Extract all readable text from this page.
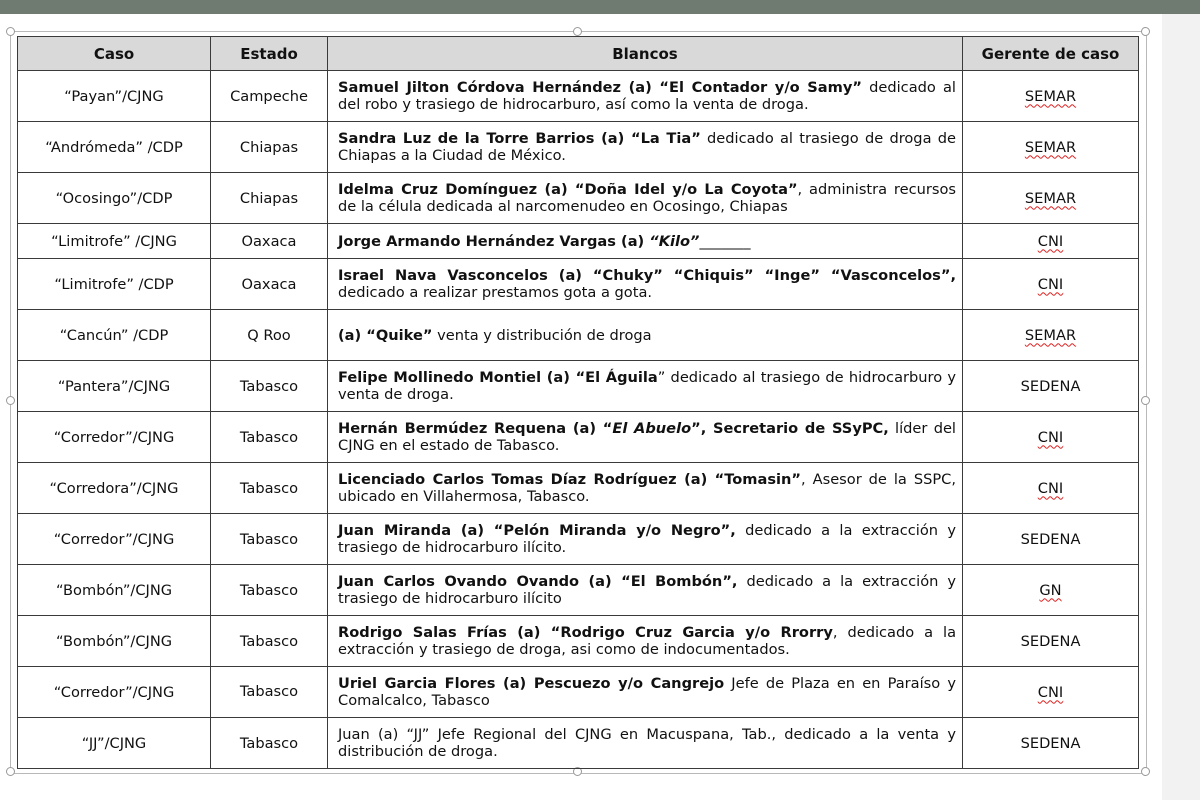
Caso	Estado	Blancos	Gerente de caso
“Payan”/CJNG	Campeche	Samuel Jilton Córdova Hernández (a) “El Contador y/o Samy” dedicado al del robo y trasiego de hidrocarburo, así como la venta de droga.	SEMAR
“Andrómeda” /CDP	Chiapas	Sandra Luz de la Torre Barrios (a) “La Tia” dedicado al trasiego de droga de Chiapas a la Ciudad de México.	SEMAR
“Ocosingo”/CDP	Chiapas	Idelma Cruz Domínguez (a) “Doña Idel y/o La Coyota”, administra recursos de la célula dedicada al narcomenudeo en Ocosingo, Chiapas	SEMAR
“Limitrofe” /CJNG	Oaxaca	Jorge Armando Hernández Vargas (a) “Kilo”_______	CNI
“Limitrofe” /CDP	Oaxaca	Israel Nava Vasconcelos (a) “Chuky” “Chiquis” “Inge” “Vasconcelos”, dedicado a realizar prestamos gota a gota.	CNI
“Cancún” /CDP	Q Roo	(a) “Quike” venta y distribución de droga	SEMAR
“Pantera”/CJNG	Tabasco	Felipe Mollinedo Montiel (a) “El Águila” dedicado al trasiego de hidrocarburo y venta de droga.	SEDENA
“Corredor”/CJNG	Tabasco	Hernán Bermúdez Requena (a) “El Abuelo”, Secretario de SSyPC, líder del CJNG en el estado de Tabasco.	CNI
“Corredora”/CJNG	Tabasco	Licenciado Carlos Tomas Díaz Rodríguez (a) “Tomasin”, Asesor de la SSPC, ubicado en Villahermosa, Tabasco.	CNI
“Corredor”/CJNG	Tabasco	Juan Miranda (a) “Pelón Miranda y/o Negro”, dedicado a la extracción y trasiego de hidrocarburo ilícito.	SEDENA
“Bombón”/CJNG	Tabasco	Juan Carlos Ovando Ovando (a) “El Bombón”, dedicado a la extracción y trasiego de hidrocarburo ilícito	GN
“Bombón”/CJNG	Tabasco	Rodrigo Salas Frías (a) “Rodrigo Cruz Garcia y/o Rrorry, dedicado a la extracción y trasiego de droga, asi como de indocumentados.	SEDENA
“Corredor”/CJNG	Tabasco	Uriel Garcia Flores (a) Pescuezo y/o Cangrejo Jefe de Plaza en en Paraíso y Comalcalco, Tabasco	CNI
“JJ”/CJNG	Tabasco	Juan (a) “JJ” Jefe Regional del CJNG en Macuspana, Tab., dedicado a la venta y distribución de droga.	SEDENA
